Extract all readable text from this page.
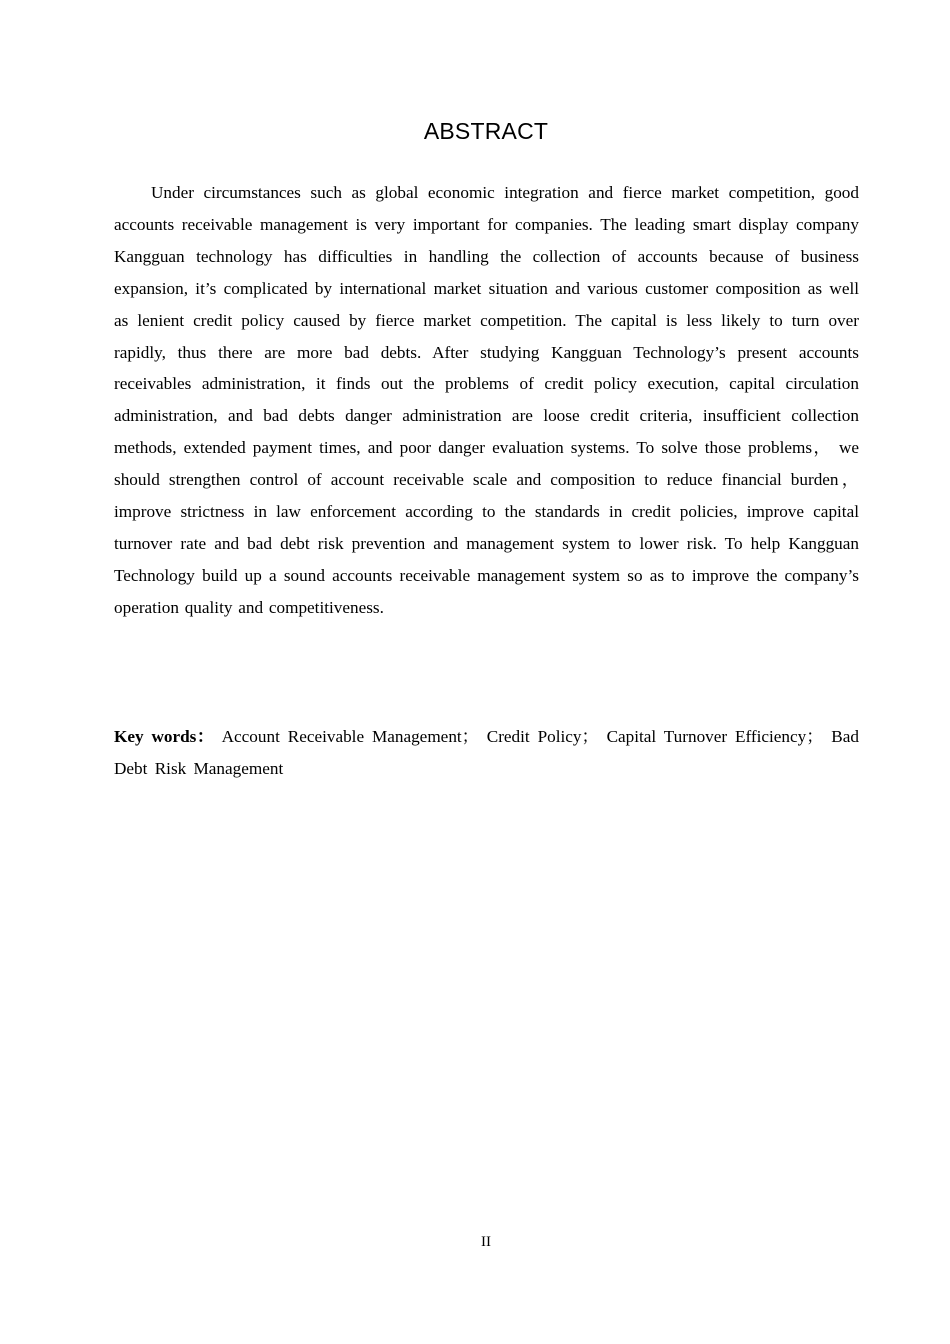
ABSTRACT

Under circumstances such as global economic integration and fierce market competition, good accounts receivable management is very important for companies. The leading smart display company Kangguan technology has difficulties in handling the collection of accounts because of business expansion, it’s complicated by international market situation and various customer composition as well as lenient credit policy caused by fierce market competition. The capital is less likely to turn over rapidly, thus there are more bad debts. After studying Kangguan Technology’s present accounts receivables administration, it finds out the problems of credit policy execution, capital circulation administration, and bad debts danger administration are loose credit criteria, insufficient collection methods, extended payment times, and poor danger evaluation systems. To solve those problems， we should strengthen control of account receivable scale and composition to reduce financial burden，improve strictness in law enforcement according to the standards in credit policies, improve capital turnover rate and bad debt risk prevention and management system to lower risk. To help Kangguan Technology build up a sound accounts receivable management system so as to improve the company’s operation quality and competitiveness.

Key words： Account Receivable Management； Credit Policy； Capital Turnover Efficiency； Bad Debt Risk Management

II
